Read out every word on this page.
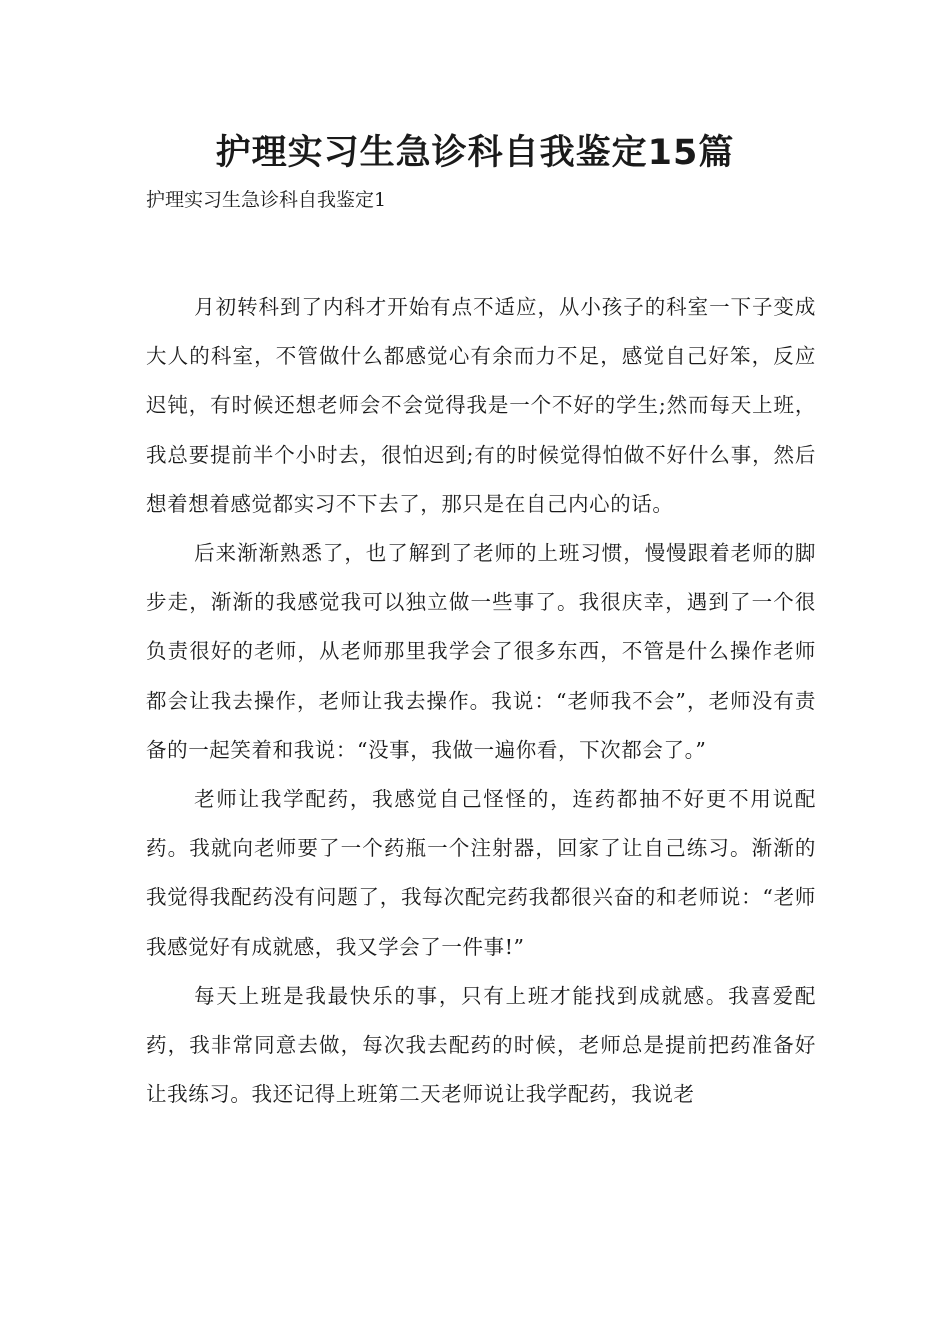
护理实习生急诊科自我鉴定15篇

护理实习生急诊科自我鉴定1

月初转科到了内科才开始有点不适应，从小孩子的科室一下子变成大人的科室，不管做什么都感觉心有余而力不足，感觉自己好笨，反应迟钝，有时候还想老师会不会觉得我是一个不好的学生;然而每天上班，我总要提前半个小时去，很怕迟到;有的时候觉得怕做不好什么事，然后想着想着感觉都实习不下去了，那只是在自己内心的话。

后来渐渐熟悉了，也了解到了老师的上班习惯，慢慢跟着老师的脚步走，渐渐的我感觉我可以独立做一些事了。我很庆幸，遇到了一个很负责很好的老师，从老师那里我学会了很多东西，不管是什么操作老师都会让我去操作，老师让我去操作。我说：“老师我不会”，老师没有责备的一起笑着和我说：“没事，我做一遍你看，下次都会了。”

老师让我学配药，我感觉自己怪怪的，连药都抽不好更不用说配药。我就向老师要了一个药瓶一个注射器，回家了让自己练习。渐渐的我觉得我配药没有问题了，我每次配完药我都很兴奋的和老师说：“老师我感觉好有成就感，我又学会了一件事!”

每天上班是我最快乐的事，只有上班才能找到成就感。我喜爱配药，我非常同意去做，每次我去配药的时候，老师总是提前把药准备好让我练习。我还记得上班第二天老师说让我学配药，我说老
